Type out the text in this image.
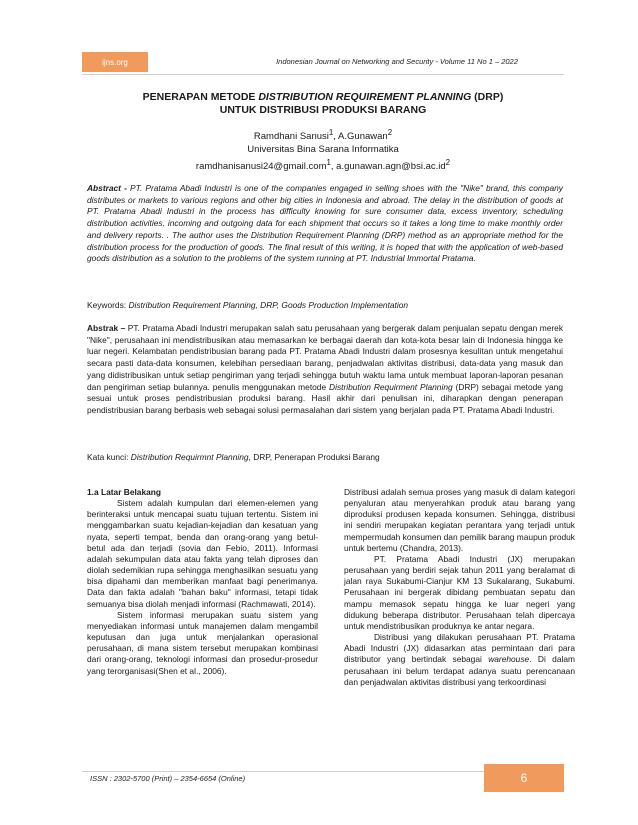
ijns.org	Indonesian Journal on Networking and Security - Volume 11 No 1 – 2022
PENERAPAN METODE DISTRIBUTION REQUIREMENT PLANNING (DRP)
UNTUK DISTRIBUSI PRODUKSI BARANG
Ramdhani Sanusi$^1$, A.Gunawan$^2$
Universitas Bina Sarana Informatika
ramdhanisanusi24@gmail.com$^1$, $a.gunawan.agn@bsi.ac.id^2$
Abstract - PT. Pratama Abadi Industri is one of the companies engaged in selling shoes with the "Nike" brand, this company distributes or markets to various regions and other big cities in Indonesia and abroad. The delay in the distribution of goods at PT. Pratama Abadi Industri in the process has difficulty knowing for sure consumer data, excess inventory, scheduling distribution activities, incoming and outgoing data for each shipment that occurs so it takes a long time to make monthly order and delivery reports. . The author uses the Distribution Requirement Planning (DRP) method as an appropriate method for the distribution process for the production of goods. The final result of this writing, it is hoped that with the application of web-based goods distribution as a solution to the problems of the system running at PT. Industrial Immortal Pratama.
Keywords: Distribution Requirement Planning, DRP, Goods Production Implementation
Abstrak – PT. Pratama Abadi Industri merupakan salah satu perusahaan yang bergerak dalam penjualan sepatu dengan merek "Nike", perusahaan ini mendistribusikan atau memasarkan ke berbagai daerah dan kota-kota besar lain di Indonesia hingga ke luar negeri. Kelambatan pendistribusian barang pada PT. Pratama Abadi Industri dalam prosesnya kesulitan untuk mengetahui secara pasti data-data konsumen, kelebihan persediaan barang, penjadwalan aktivitas distribusi, data-data yang masuk dan yang didistribusikan untuk setiap pengiriman yang terjadi sehingga butuh waktu lama untuk membuat laporan-laporan pesanan dan pengiriman setiap bulannya. penulis menggunakan metode Distribution Requirment Planning (DRP) sebagai metode yang sesuai untuk proses pendistribusian produksi barang. Hasil akhir dari penulisan ini, diharapkan dengan penerapan pendistribusian barang berbasis web sebagai solusi permasalahan dari sistem yang berjalan pada PT. Pratama Abadi Industri.
Kata kunci: Distribution Requirmnt Planning, DRP, Penerapan Produksi Barang

1.a Latar Belakang

Sistem adalah kumpulan dari elemen-elemen yang berinteraksi untuk mencapai suatu tujuan tertentu. Sistem ini menggambarkan suatu kejadian-kejadian dan kesatuan yang nyata, seperti tempat, benda dan orang-orang yang betul-betul ada dan terjadi (sovia dan Febio, 2011). Informasi adalah sekumpulan data atau fakta yang telah diproses dan diolah sedemikian rupa sehingga menghasilkan sesuatu yang bisa dipahami dan memberikan manfaat bagi penerimanya. Data dan fakta adalah "bahan baku" informasi, tetapi tidak semuanya bisa diolah menjadi informasi (Rachmawati, 2014).

Sistem informasi merupakan suatu sistem yang menyediakan informasi untuk manajemen dalam mengambil keputusan dan juga untuk menjalankan operasional perusahaan, di mana sistem tersebut merupakan kombinasi dari orang-orang, teknologi informasi dan prosedur-prosedur yang terorganisasi(Shen et al., 2006).

Distribusi adalah semua proses yang masuk di dalam kategori penyaluran atau menyerahkan produk atau barang yang diproduksi produsen kepada konsumen. Sehingga, distribusi ini sendiri merupakan kegiatan perantara yang terjadi untuk mempermudah konsumen dan pemilik barang maupun produk untuk bertemu (Chandra, 2013).

PT. Pratama Abadi Industri (JX) merupakan perusahaan yang berdiri sejak tahun 2011 yang beralamat di jalan raya Sukabumi-Cianjur KM 13 Sukalarang, Sukabumi. Perusahaan ini bergerak dibidang pembuatan sepatu dan mampu memasok sepatu hingga ke luar negeri yang didukung beberapa distributor. Perusahaan telah dipercaya untuk mendistribusikan produknya ke antar negara.

Distribusi yang dilakukan perusahaan PT. Pratama Abadi Industri (JX) didasarkan atas permintaan dari para distributor yang bertindak sebagai warehouse. Di dalam perusahaan ini belum terdapat adanya suatu perencanaan dan penjadwalan aktivitas distribusi yang terkoordinasi

ISSN : 2302-5700 (Print) – 2354-6654 (Online)	6
